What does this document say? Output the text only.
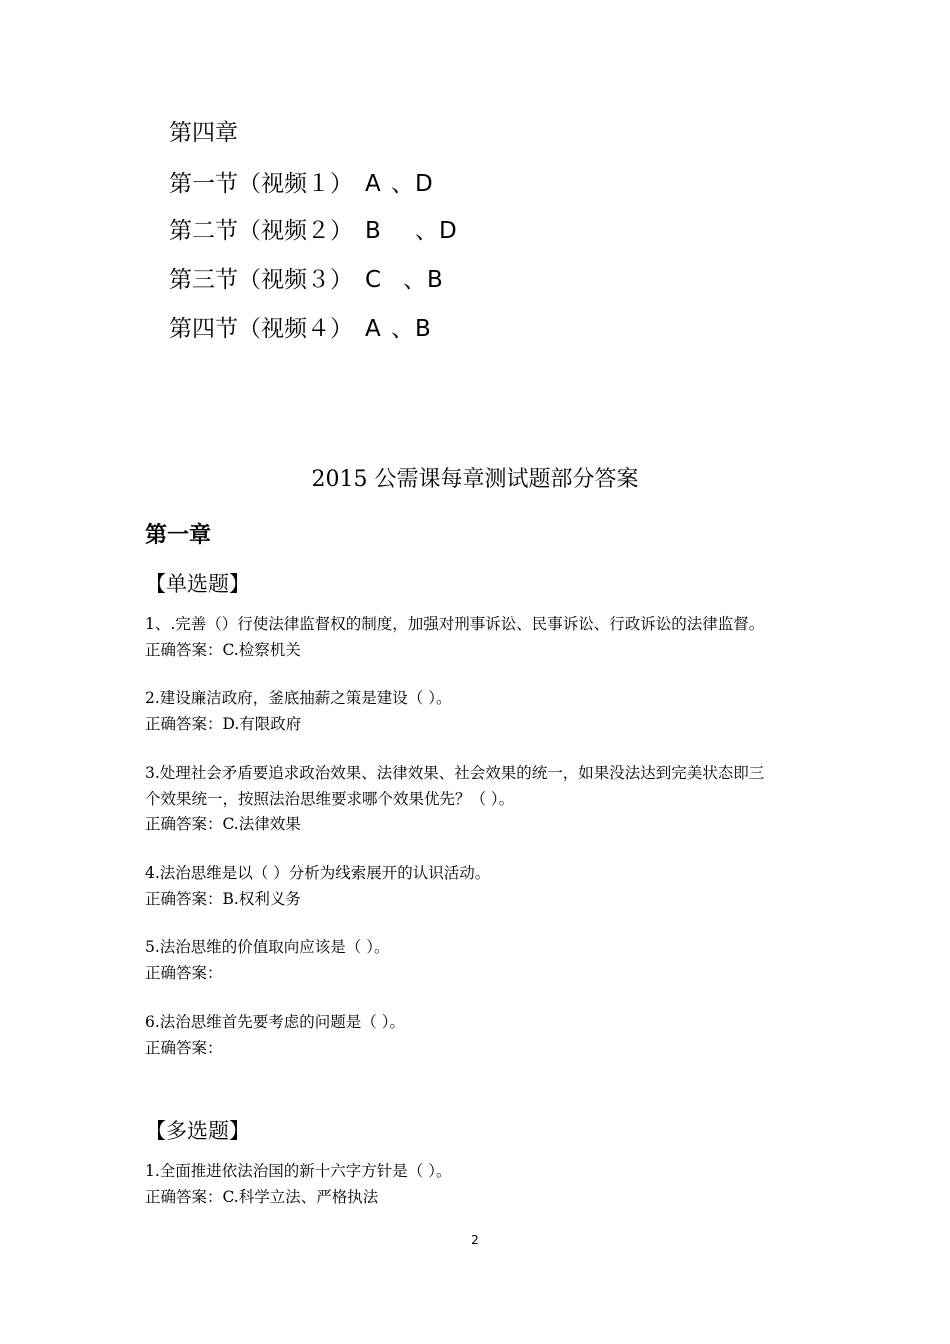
第四章
第一节（视频１） A 、 D
第二节（视频２） B 、 D
第三节（视频３） C 、 B
第四节（视频４） A 、 B
2015 公需课每章测试题部分答案
第一章
【单选题】
1、.完善（）行使法律监督权的制度，加强对刑事诉讼、民事诉讼、行政诉讼的法律监督。
正确答案：C.检察机关
2.建设廉洁政府，釜底抽薪之策是建设（ ）。
正确答案：D.有限政府
3.处理社会矛盾要追求政治效果、法律效果、社会效果的统一，如果没法达到完美状态即三
个效果统一，按照法治思维要求哪个效果优先？（ ）。
正确答案：C.法律效果
4.法治思维是以（ ）分析为线索展开的认识活动。
正确答案：B.权利义务
5.法治思维的价值取向应该是（ ）。
正确答案：
6.法治思维首先要考虑的问题是（ ）。
正确答案：
【多选题】
1.全面推进依法治国的新十六字方针是（ ）。
正确答案：C.科学立法、严格执法
2
